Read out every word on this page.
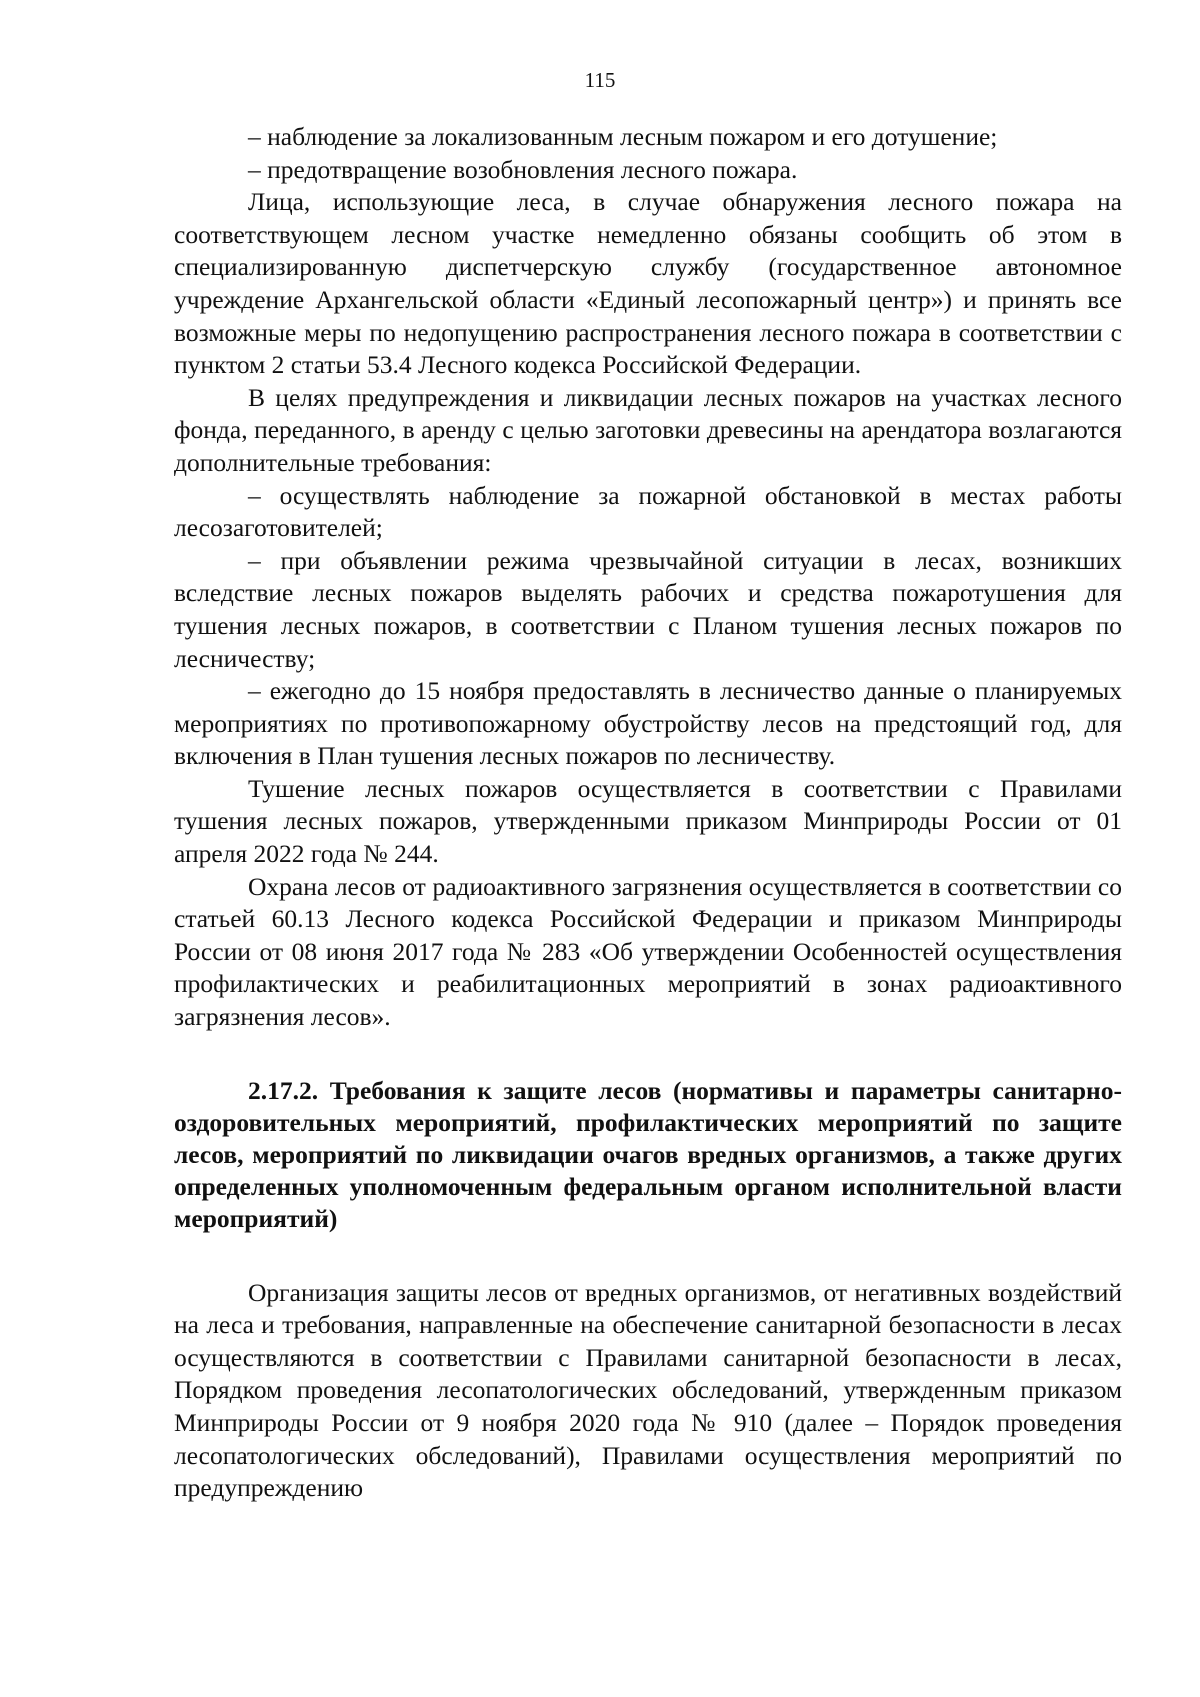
115

– наблюдение за локализованным лесным пожаром и его дотушение;

– предотвращение возобновления лесного пожара.

Лица, использующие леса, в случае обнаружения лесного пожара на соответствующем лесном участке немедленно обязаны сообщить об этом в специализированную диспетчерскую службу (государственное автономное учреждение Архангельской области «Единый лесопожарный центр») и принять все возможные меры по недопущению распространения лесного пожара в соответствии с пунктом 2 статьи 53.4 Лесного кодекса Российской Федерации.

В целях предупреждения и ликвидации лесных пожаров на участках лесного фонда, переданного, в аренду с целью заготовки древесины на арендатора возлагаются дополнительные требования:

– осуществлять наблюдение за пожарной обстановкой в местах работы лесозаготовителей;

– при объявлении режима чрезвычайной ситуации в лесах, возникших вследствие лесных пожаров выделять рабочих и средства пожаротушения для тушения лесных пожаров, в соответствии с Планом тушения лесных пожаров по лесничеству;

– ежегодно до 15 ноября предоставлять в лесничество данные о планируемых мероприятиях по противопожарному обустройству лесов на предстоящий год, для включения в План тушения лесных пожаров по лесничеству.

Тушение лесных пожаров осуществляется в соответствии с Правилами тушения лесных пожаров, утвержденными приказом Минприроды России от 01 апреля 2022 года № 244.

Охрана лесов от радиоактивного загрязнения осуществляется в соответствии со статьей 60.13 Лесного кодекса Российской Федерации и приказом Минприроды России от 08 июня 2017 года № 283 «Об утверждении Особенностей осуществления профилактических и реабилитационных мероприятий в зонах радиоактивного загрязнения лесов».

2.17.2. Требования к защите лесов (нормативы и параметры санитарно-оздоровительных мероприятий, профилактических мероприятий по защите лесов, мероприятий по ликвидации очагов вредных организмов, а также других определенных уполномоченным федеральным органом исполнительной власти мероприятий)

Организация защиты лесов от вредных организмов, от негативных воздействий на леса и требования, направленные на обеспечение санитарной безопасности в лесах осуществляются в соответствии с Правилами санитарной безопасности в лесах, Порядком проведения лесопатологических обследований, утвержденным приказом Минприроды России от 9 ноября 2020 года № 910 (далее – Порядок проведения лесопатологических обследований), Правилами осуществления мероприятий по предупреждению
